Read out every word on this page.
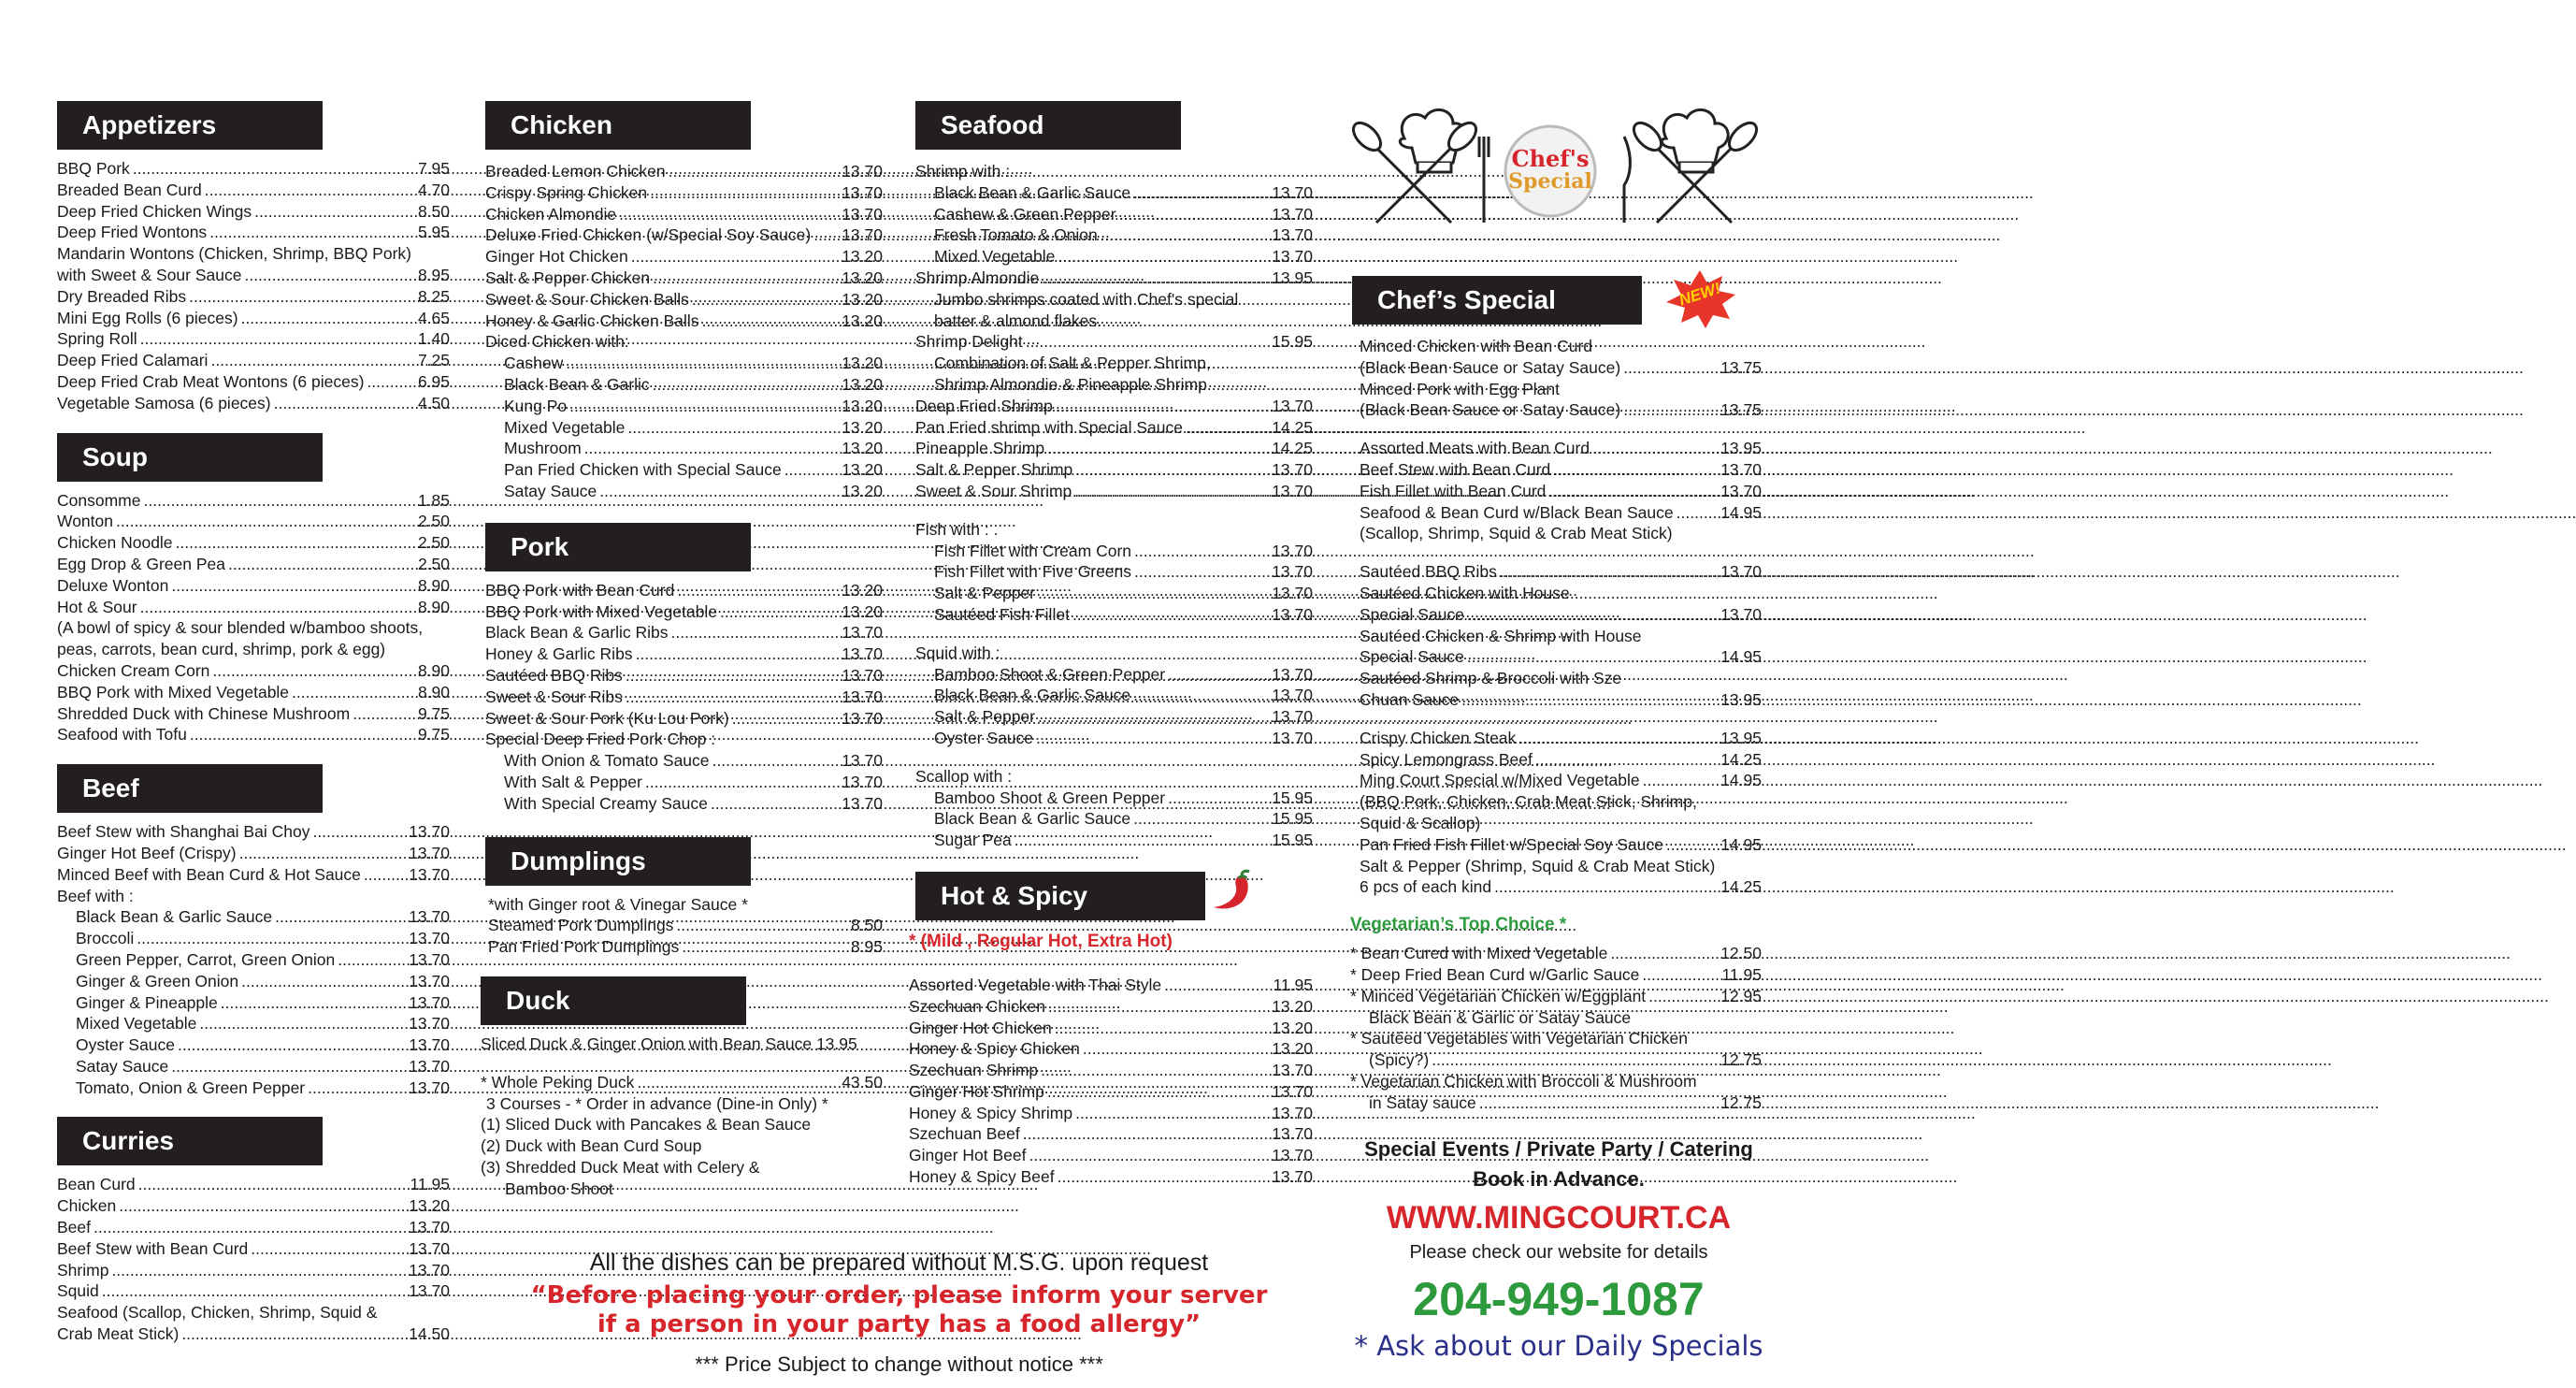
Appetizers
BBQ Pork .....	7.95
Breaded Bean Curd .....	4.70
Deep Fried Chicken Wings .....	8.50
Deep Fried Wontons .....	5.95
Mandarin Wontons (Chicken, Shrimp, BBQ Pork)
with Sweet & Sour Sauce .....	8.95
Dry Breaded Ribs .....	8.25
Mini Egg Rolls (6 pieces) .....	4.65
Spring Roll .....	1.40
Deep Fried Calamari .....	7.25
Deep Fried Crab Meat Wontons (6 pieces) .....	6.95
Vegetable Samosa (6 pieces) .....	4.50
Soup
Consomme .....	1.85
Wonton .....	2.50
Chicken Noodle .....	2.50
Egg Drop & Green Pea .....	2.50
Deluxe Wonton .....	8.90
Hot & Sour .....	8.90
(A bowl of spicy & sour blended w/bamboo shoots,
peas, carrots, bean curd, shrimp, pork & egg)
Chicken Cream Corn .....	8.90
BBQ Pork with Mixed Vegetable .....	8.90
Shredded Duck with Chinese Mushroom .....	9.75
Seafood with Tofu .....	9.75
Beef
Beef Stew with Shanghai Bai Choy .....	13.70
Ginger Hot Beef (Crispy) .....	13.70
Minced Beef with Bean Curd & Hot Sauce .....	13.70
Beef with :
Black Bean & Garlic Sauce .....	13.70
Broccoli .....	13.70
Green Pepper, Carrot, Green Onion .....	13.70
Ginger & Green Onion .....	13.70
Ginger & Pineapple .....	13.70
Mixed Vegetable .....	13.70
Oyster Sauce .....	13.70
Satay Sauce .....	13.70
Tomato, Onion & Green Pepper .....	13.70
Curries
Bean Curd .....	11.95
Chicken .....	13.20
Beef .....	13.70
Beef Stew with Bean Curd .....	13.70
Shrimp .....	13.70
Squid .....	13.70
Seafood (Scallop, Chicken, Shrimp, Squid &
Crab Meat Stick) .....	14.50
Chicken
Breaded Lemon Chicken .....	13.70
Crispy Spring Chicken .....	13.70
Chicken Almondie .....	13.70
Deluxe Fried Chicken (w/Special Soy Sauce) ..... 13.70
Ginger Hot Chicken .....	13.20
Salt & Pepper Chicken .....	13.20
Sweet & Sour Chicken Balls .....	13.20
Honey & Garlic Chicken Balls .....	13.20
Diced Chicken with:
Cashew .....	13.20
Black Bean & Garlic .....	13.20
Kung Po .....	13.20
Mixed Vegetable .....	13.20
Mushroom .....	13.20
Pan Fried Chicken with Special Sauce .....	13.20
Satay Sauce .....	13.20
Pork
BBQ Pork with Bean Curd .....	13.20
BBQ Pork with Mixed Vegetable .....	13.20
Black Bean & Garlic Ribs .....	13.70
Honey & Garlic Ribs .....	13.70
Sautéed BBQ Ribs .....	13.70
Sweet & Sour Ribs .....	13.70
Sweet & Sour Pork (Ku Lou Pork) .....	13.70
Special Deep Fried Pork Chop :
With Onion & Tomato Sauce .....	13.70
With Salt & Pepper .....	13.70
With Special Creamy Sauce .....	13.70
Dumplings
*with Ginger root & Vinegar Sauce *
Steamed Pork Dumplings .....	8.50
Pan Fried Pork Dumplings .....	8.95
Duck
Sliced Duck & Ginger Onion with Bean Sauce 13.95
* Whole Peking Duck .....	43.50
3 Courses - * Order in advance (Dine-in Only) *
(1) Sliced Duck with Pancakes & Bean Sauce
(2) Duck with Bean Curd Soup
(3) Shredded Duck Meat with Celery &
Bamboo Shoot
Seafood
Shrimp with :
Black Bean & Garlic Sauce .....	13.70
Cashew & Green Pepper .....	13.70
Fresh Tomato & Onion .....	13.70
Mixed Vegetable .....	13.70
Shrimp Almondie .....	13.95
Jumbo shrimps coated with Chef's special
batter & almond flakes.
Shrimp Delight .....	15.95
Combination of Salt & Pepper Shrimp,
Shrimp Almondie & Pineapple Shrimp
Deep Fried Shrimp .....	13.70
Pan Fried shrimp with Special Sauce .....	14.25
Pineapple Shrimp .....	14.25
Salt & Pepper Shrimp .....	13.70
Sweet & Sour Shrimp .....	13.70
Fish with : .
Fish Fillet with Cream Corn .....	13.70
Fish Fillet with Five Greens .....	13.70
Salt & Pepper .....	13.70
Sautéed Fish Fillet .....	13.70
Squid with :
Bamboo Shoot & Green Pepper .....	13.70
Black Bean & Garlic Sauce .....	13.70
Salt & Pepper .....	13.70
Oyster Sauce .....	13.70
Scallop with :
Bamboo Shoot & Green Pepper .....	15.95
Black Bean & Garlic Sauce .....	15.95
Sugar Pea .....	15.95
Hot & Spicy
* (Mild , Regular Hot, Extra Hot)
Assorted Vegetable with Thai Style .....	11.95
Szechuan Chicken .....	13.20
Ginger Hot Chicken .....	13.20
Honey & Spicy Chicken .....	13.20
Szechuan Shrimp .....	13.70
Ginger Hot Shrimp .....	13.70
Honey & Spicy Shrimp .....	13.70
Szechuan Beef .....	13.70
Ginger Hot Beef .....	13.70
Honey & Spicy Beef .....	13.70
Chef's
Special
Chef’s Special	NEW!
Minced Chicken with Bean Curd
(Black Bean Sauce or Satay Sauce) .....	13.75
Minced Pork with Egg Plant
(Black Bean Sauce or Satay Sauce) .....	13.75
Assorted Meats with Bean Curd .....	13.95
Beef Stew with Bean Curd .....	13.70
Fish Fillet with Bean Curd .....	13.70
Seafood & Bean Curd w/Black Bean Sauce .....	14.95
(Scallop, Shrimp, Squid & Crab Meat Stick)
Sautéed BBQ Ribs .....	13.70
Sautéed Chicken with House
Special Sauce .....	13.70
Sautéed Chicken & Shrimp with House
Special Sauce .....	14.95
Sautéed Shrimp & Broccoli with Sze
Chuan Sauce .....	13.95
Crispy Chicken Steak .....	13.95
Spicy Lemongrass Beef .....	14.25
Ming Court Special w/Mixed Vegetable .....	14.95
(BBQ Pork, Chicken, Crab Meat Stick, Shrimp,
Squid & Scallop)
Pan Fried Fish Fillet w/Special Soy Sauce .....	14.95
Salt & Pepper (Shrimp, Squid & Crab Meat Stick)
6 pcs of each kind .....	14.25
Vegetarian’s Top Choice *
* Bean Cured with Mixed Vegetable .....	12.50
* Deep Fried Bean Curd w/Garlic Sauce .....	11.95
* Minced Vegetarian Chicken w/Eggplant .....	12.95
Black Bean & Garlic or Satay Sauce
* Sautéed Vegetables with Vegetarian Chicken
(Spicy?) .....	12.75
* Vegetarian Chicken with Broccoli & Mushroom
in Satay sauce .....	12.75
Special Events / Private Party / Catering
Book in Advance.
WWW.MINGCOURT.CA
Please check our website for details
204-949-1087
* Ask about our Daily Specials
All the dishes can be prepared without M.S.G. upon request
“Before placing your order, please inform your server
if a person in your party has a food allergy”
*** Price Subject to change without notice ***
